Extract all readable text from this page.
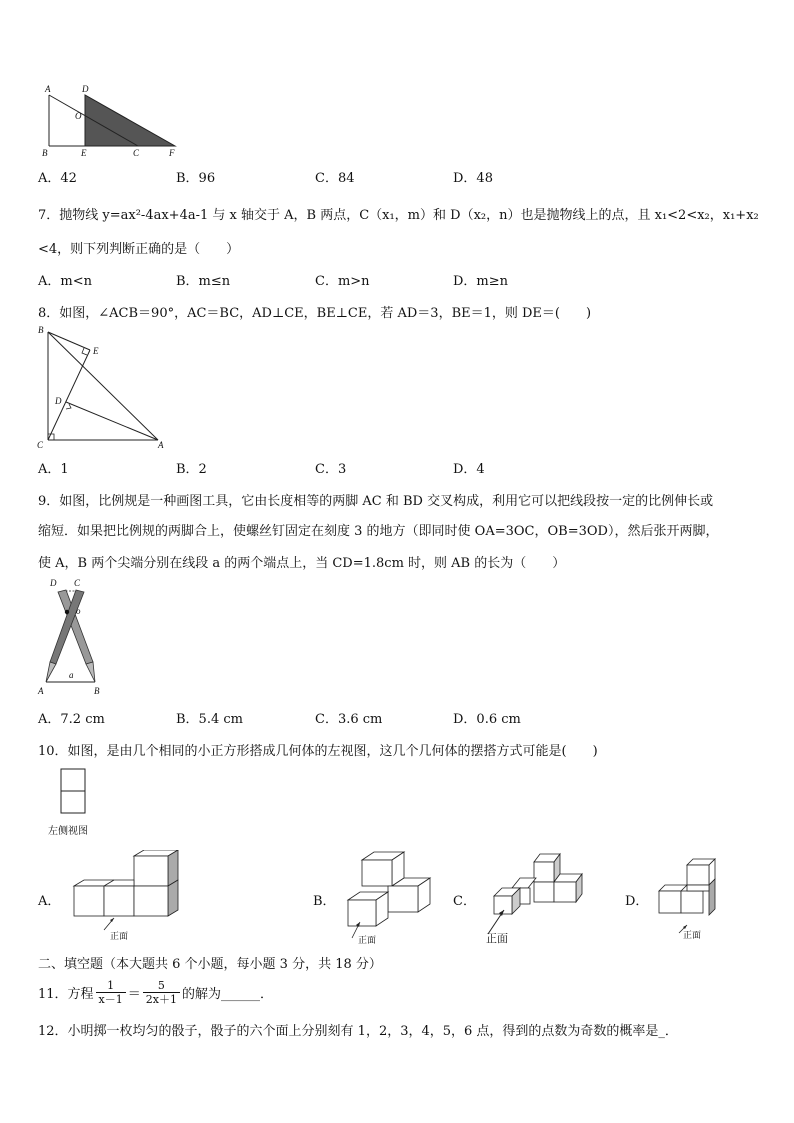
A	D
O
B	E	C	F
A．42	B．96	C．84	D．48
7．抛物线 y=ax²-4ax+4a-1 与 x 轴交于 A，B 两点，C（x₁，m）和 D（x₂，n）也是抛物线上的点，且 x₁<2<x₂，x₁+x₂
<4，则下列判断正确的是（　　）
A．m<n	B．m≤n	C．m>n	D．m≥n
8．如图，∠ACB＝90°，AC＝BC，AD⊥CE，BE⊥CE，若 AD＝3，BE＝1，则 DE＝(　　)
B
E
D
C	A
A．1	B．2	C．3	D．4
9．如图，比例规是一种画图工具，它由长度相等的两脚 AC 和 BD 交叉构成，利用它可以把线段按一定的比例伸长或
缩短．如果把比例规的两脚合上，使螺丝钉固定在刻度 3 的地方（即同时使 OA=3OC，OB=3OD），然后张开两脚，
使 A，B 两个尖端分别在线段 a 的两个端点上，当 CD=1.8cm 时，则 AB 的长为（　　）
D C
o
a
A	B
A．7.2 cm	B．5.4 cm	C．3.6 cm	D．0.6 cm
10．如图，是由几个相同的小正方形搭成几何体的左视图，这几个几何体的摆搭方式可能是(　　)
左侧视图
A．
正面
B．
正面
C．
正面
D．
正面
二、填空题（本大题共 6 个小题，每小题 3 分，共 18 分）
11．方程 $\frac{1}{x-1} = \frac{5}{2x+1}$ 的解为______．
12．小明掷一枚均匀的骰子，骰子的六个面上分别刻有 1，2，3，4，5，6 点，得到的点数为奇数的概率是_．
